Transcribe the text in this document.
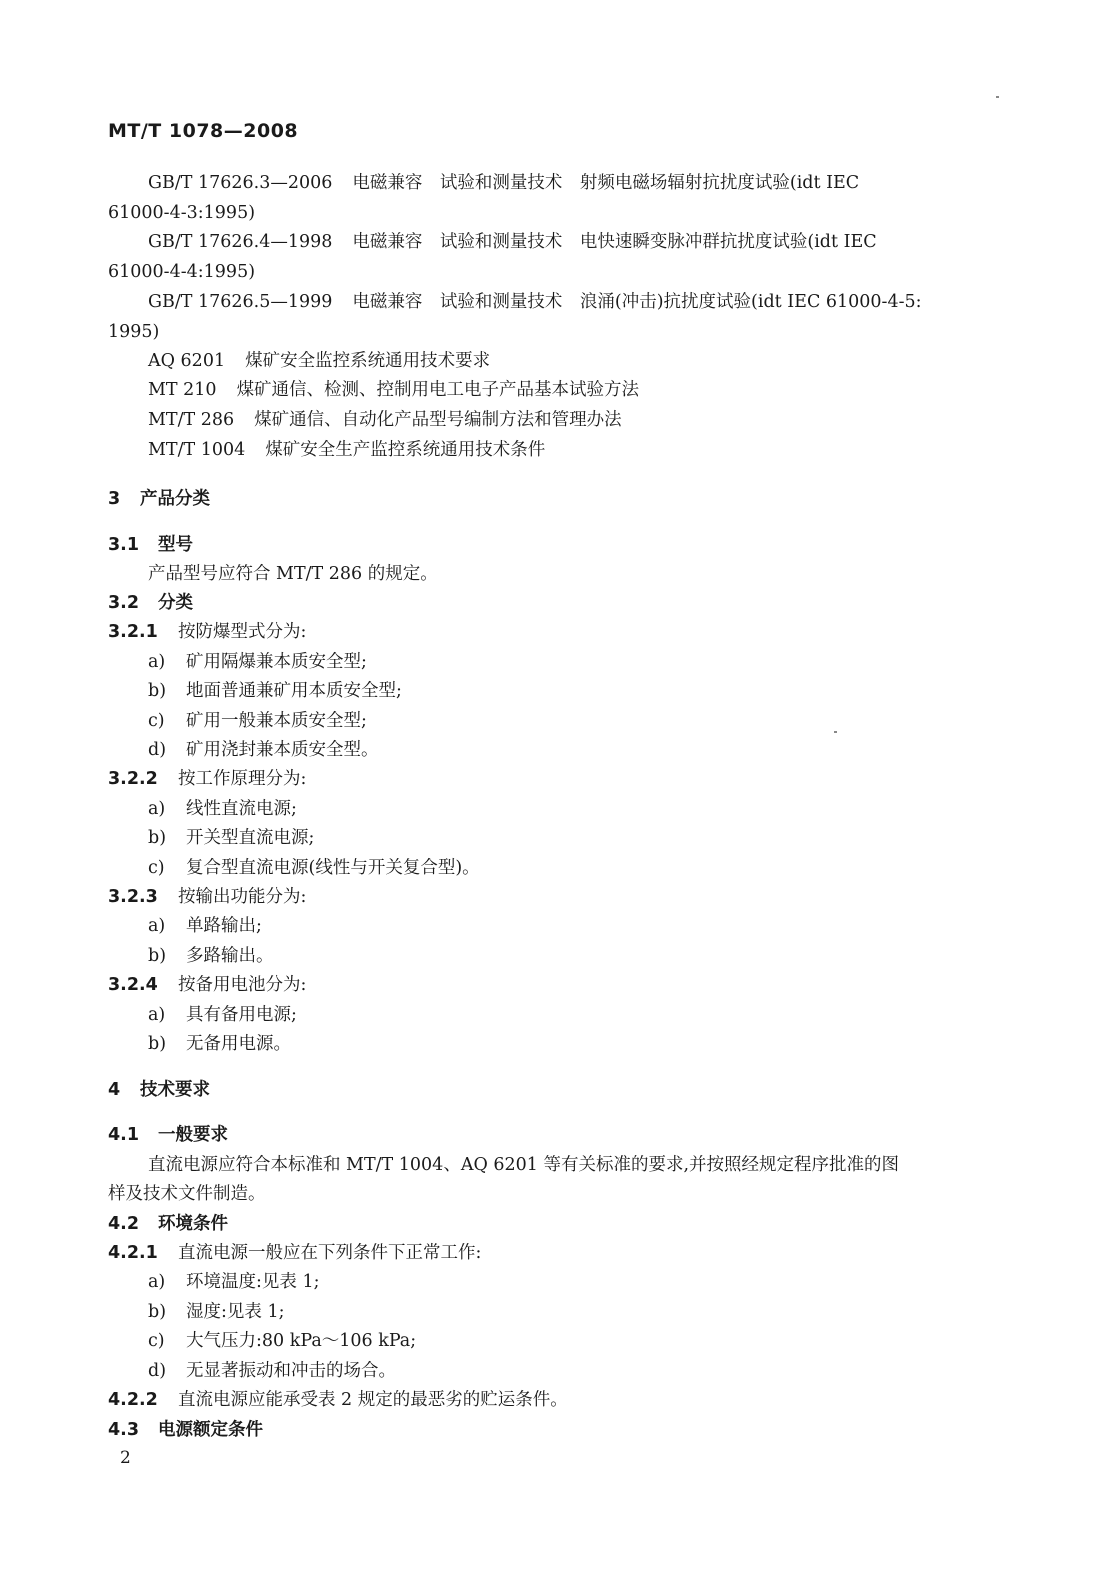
MT/T 1078—2008
GB/T 17626.3—2006 电磁兼容　试验和测量技术　射频电磁场辐射抗扰度试验(idt IEC
61000-4-3:1995)
GB/T 17626.4—1998 电磁兼容　试验和测量技术　电快速瞬变脉冲群抗扰度试验(idt IEC
61000-4-4:1995)
GB/T 17626.5—1999 电磁兼容　试验和测量技术　浪涌(冲击)抗扰度试验(idt IEC 61000-4-5:
1995)
AQ 6201 煤矿安全监控系统通用技术要求
MT 210 煤矿通信、检测、控制用电工电子产品基本试验方法
MT/T 286 煤矿通信、自动化产品型号编制方法和管理办法
MT/T 1004 煤矿安全生产监控系统通用技术条件
3 产品分类
3.1 型号
产品型号应符合 MT/T 286 的规定。
3.2 分类
3.2.1 按防爆型式分为:
a) 矿用隔爆兼本质安全型;
b) 地面普通兼矿用本质安全型;
c) 矿用一般兼本质安全型;
d) 矿用浇封兼本质安全型。
3.2.2 按工作原理分为:
a) 线性直流电源;
b) 开关型直流电源;
c) 复合型直流电源(线性与开关复合型)。
3.2.3 按输出功能分为:
a) 单路输出;
b) 多路输出。
3.2.4 按备用电池分为:
a) 具有备用电源;
b) 无备用电源。
4 技术要求
4.1 一般要求
直流电源应符合本标准和 MT/T 1004、AQ 6201 等有关标准的要求,并按照经规定程序批准的图
样及技术文件制造。
4.2 环境条件
4.2.1 直流电源一般应在下列条件下正常工作:
a) 环境温度:见表 1;
b) 湿度:见表 1;
c) 大气压力:80 kPa～106 kPa;
d) 无显著振动和冲击的场合。
4.2.2 直流电源应能承受表 2 规定的最恶劣的贮运条件。
4.3 电源额定条件
2
